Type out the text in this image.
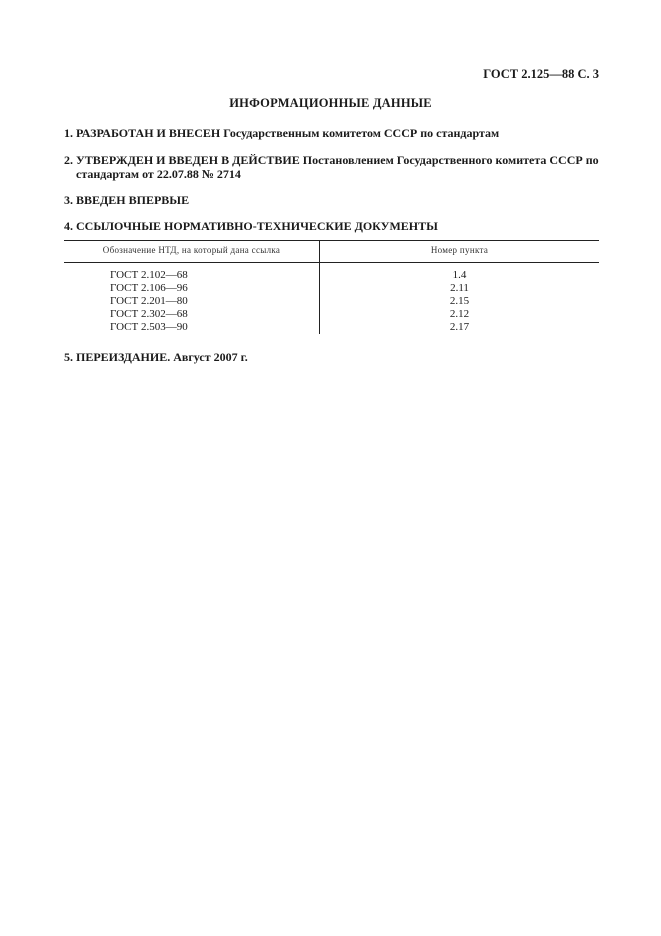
ГОСТ 2.125—88 С. 3
ИНФОРМАЦИОННЫЕ ДАННЫЕ
1. РАЗРАБОТАН И ВНЕСЕН Государственным комитетом СССР по стандартам
2. УТВЕРЖДЕН И ВВЕДЕН В ДЕЙСТВИЕ Постановлением Государственного комитета СССР по
стандартам от 22.07.88 № 2714
3. ВВЕДЕН ВПЕРВЫЕ
4. ССЫЛОЧНЫЕ НОРМАТИВНО-ТЕХНИЧЕСКИЕ ДОКУМЕНТЫ
Обозначение НТД, на который дана ссылка	Номер пункта
ГОСТ 2.102—68	1.4
ГОСТ 2.106—96	2.11
ГОСТ 2.201—80	2.15
ГОСТ 2.302—68	2.12
ГОСТ 2.503—90	2.17
5. ПЕРЕИЗДАНИЕ. Август 2007 г.
